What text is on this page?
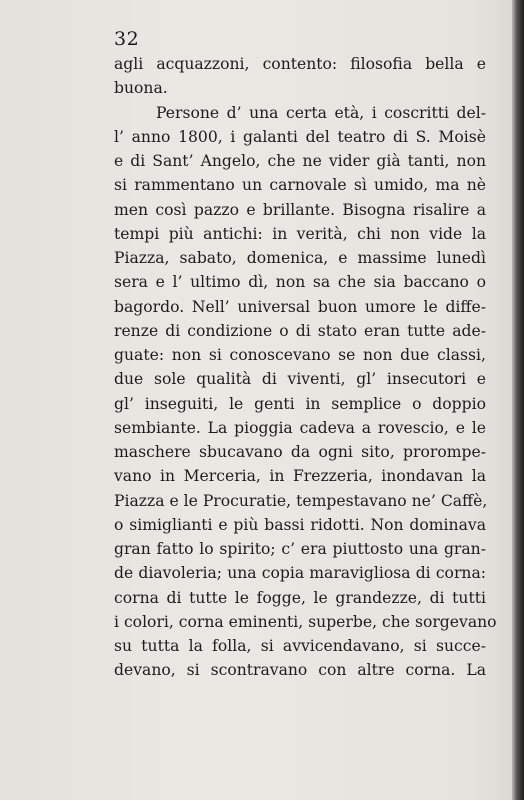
32
agli acquazzoni, contento: filosofia bella e
buona.
Persone d’ una certa età, i coscritti del-
l’ anno 1800, i galanti del teatro di S. Moisè
e di Sant’ Angelo, che ne vider già tanti, non
si rammentano un carnovale sì umido, ma nè
men così pazzo e brillante. Bisogna risalire a
tempi più antichi: in verità, chi non vide la
Piazza, sabato, domenica, e massime lunedì
sera e l’ ultimo dì, non sa che sia baccano o
bagordo. Nell’ universal buon umore le diffe-
renze di condizione o di stato eran tutte ade-
guate: non si conoscevano se non due classi,
due sole qualità di viventi, gl’ insecutori e
gl’ inseguiti, le genti in semplice o doppio
sembiante. La pioggia cadeva a rovescio, e le
maschere sbucavano da ogni sito, prorompe-
vano in Merceria, in Frezzeria, inondavan la
Piazza e le Procuratie, tempestavano ne’ Caffè,
o simiglianti e più bassi ridotti. Non dominava
gran fatto lo spirito; c’ era piuttosto una gran-
de diavoleria; una copia maravigliosa di corna:
corna di tutte le fogge, le grandezze, di tutti
i colori, corna eminenti, superbe, che sorgevano
su tutta la folla, si avvicendavano, si succe-
devano, si scontravano con altre corna. La
